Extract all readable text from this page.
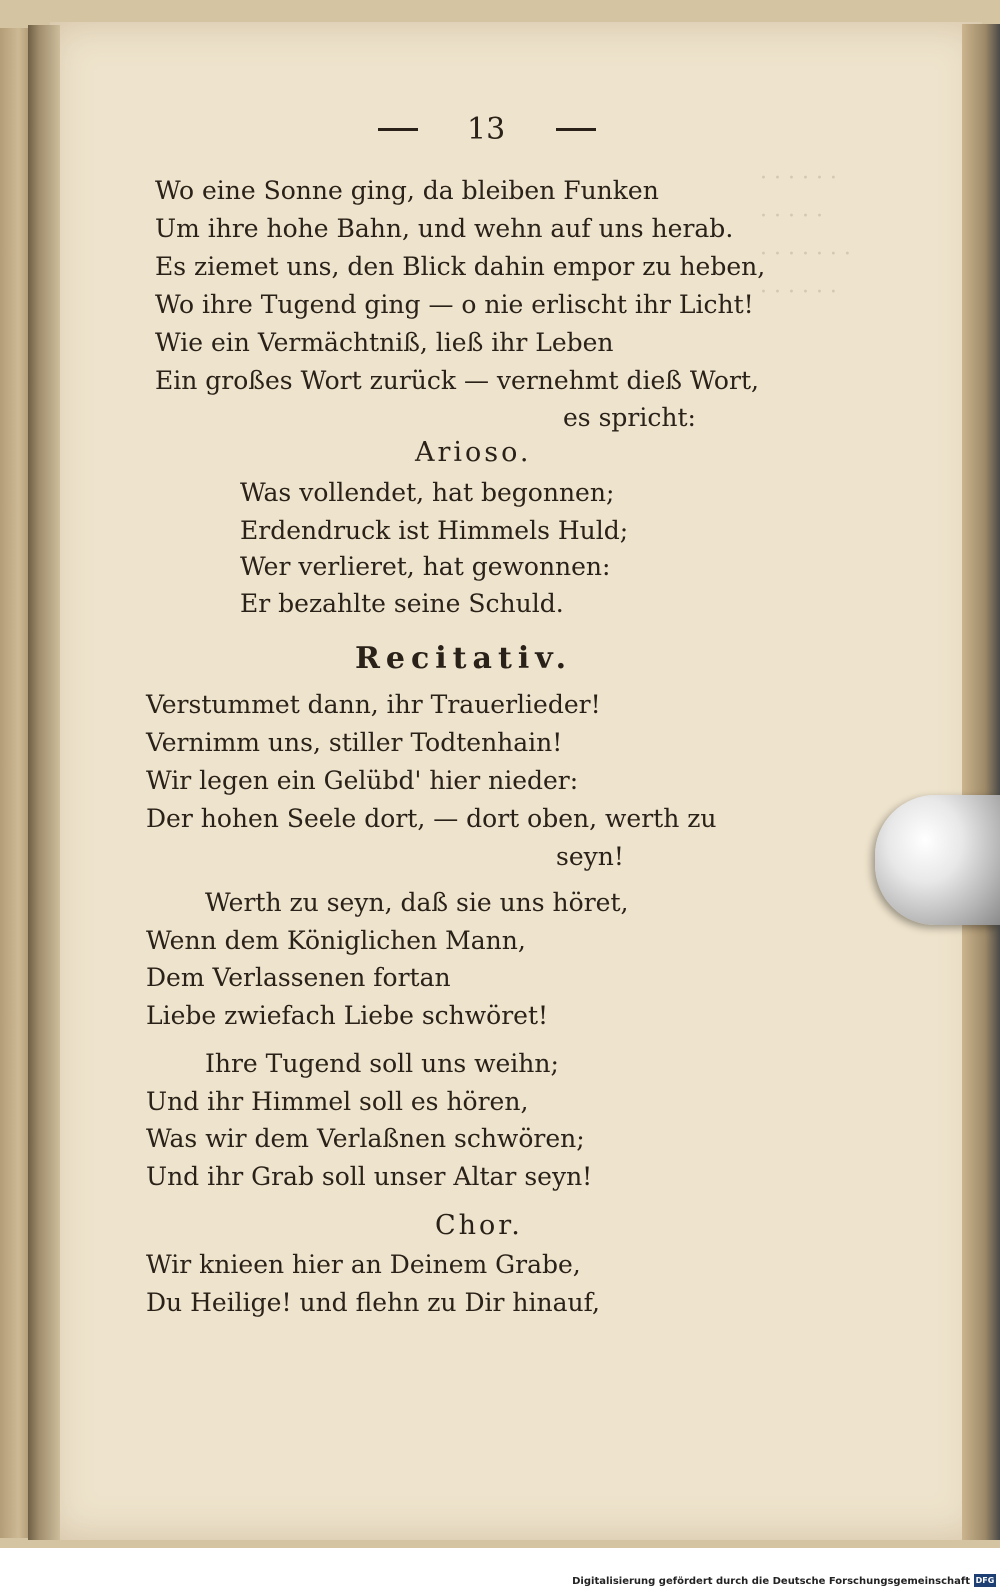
· · · · · ·
· · · · ·
· · · · · · ·
· · · · · ·
13
Wo eine Sonne ging, da bleiben Funken
Um ihre hohe Bahn, und wehn auf uns herab.
Es ziemet uns, den Blick dahin empor zu heben,
Wo ihre Tugend ging — o nie erlischt ihr Licht!
Wie ein Vermächtniß, ließ ihr Leben
Ein großes Wort zurück — vernehmt dieß Wort,
es spricht:
Arioso.
Was vollendet, hat begonnen;
Erdendruck ist Himmels Huld;
Wer verlieret, hat gewonnen:
Er bezahlte seine Schuld.
Recitativ.
Verstummet dann, ihr Trauerlieder!
Vernimm uns, stiller Todtenhain!
Wir legen ein Gelübd' hier nieder:
Der hohen Seele dort, — dort oben, werth zu
seyn!
Werth zu seyn, daß sie uns höret,
Wenn dem Königlichen Mann,
Dem Verlassenen fortan
Liebe zwiefach Liebe schwöret!
Ihre Tugend soll uns weihn;
Und ihr Himmel soll es hören,
Was wir dem Verlaßnen schwören;
Und ihr Grab soll unser Altar seyn!
Chor.
Wir knieen hier an Deinem Grabe,
Du Heilige! und flehn zu Dir hinauf,
Digitalisierung gefördert durch die Deutsche Forschungsgemeinschaft DFG
